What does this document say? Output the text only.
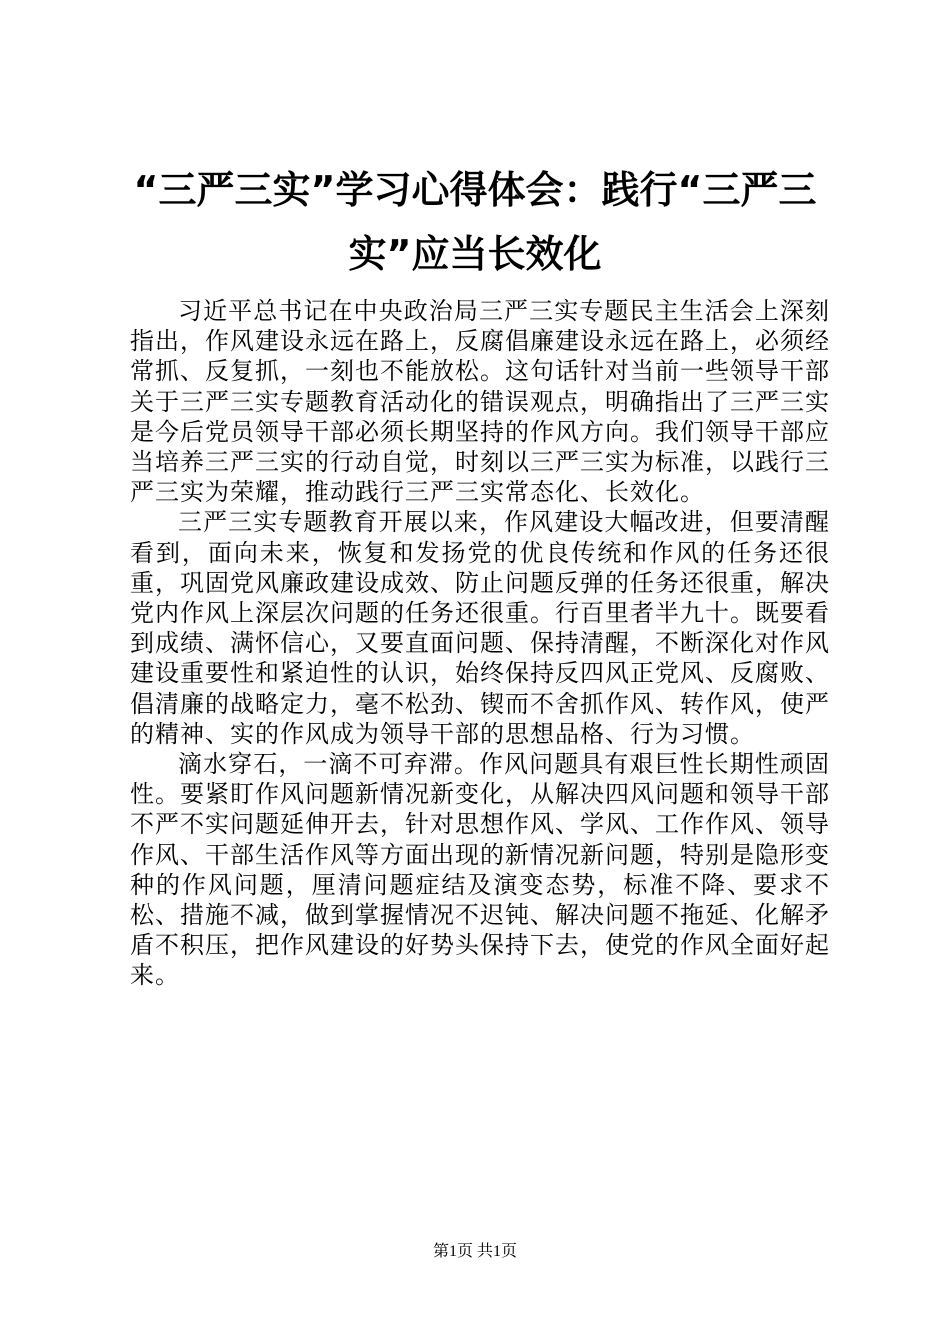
“三严三实”学习心得体会：践行“三严三
实”应当长效化

习近平总书记在中央政治局三严三实专题民主生活会上深刻指出，作风建设永远在路上，反腐倡廉建设永远在路上，必须经常抓、反复抓，一刻也不能放松。这句话针对当前一些领导干部关于三严三实专题教育活动化的错误观点，明确指出了三严三实是今后党员领导干部必须长期坚持的作风方向。我们领导干部应当培养三严三实的行动自觉，时刻以三严三实为标准，以践行三严三实为荣耀，推动践行三严三实常态化、长效化。

三严三实专题教育开展以来，作风建设大幅改进，但要清醒看到，面向未来，恢复和发扬党的优良传统和作风的任务还很重，巩固党风廉政建设成效、防止问题反弹的任务还很重，解决党内作风上深层次问题的任务还很重。行百里者半九十。既要看到成绩、满怀信心，又要直面问题、保持清醒，不断深化对作风建设重要性和紧迫性的认识，始终保持反四风正党风、反腐败、倡清廉的战略定力，毫不松劲、锲而不舍抓作风、转作风，使严的精神、实的作风成为领导干部的思想品格、行为习惯。

滴水穿石，一滴不可弃滞。作风问题具有艰巨性长期性顽固性。要紧盯作风问题新情况新变化，从解决四风问题和领导干部不严不实问题延伸开去，针对思想作风、学风、工作作风、领导作风、干部生活作风等方面出现的新情况新问题，特别是隐形变种的作风问题，厘清问题症结及演变态势，标准不降、要求不松、措施不减，做到掌握情况不迟钝、解决问题不拖延、化解矛盾不积压，把作风建设的好势头保持下去，使党的作风全面好起来。

第1页 共1页
